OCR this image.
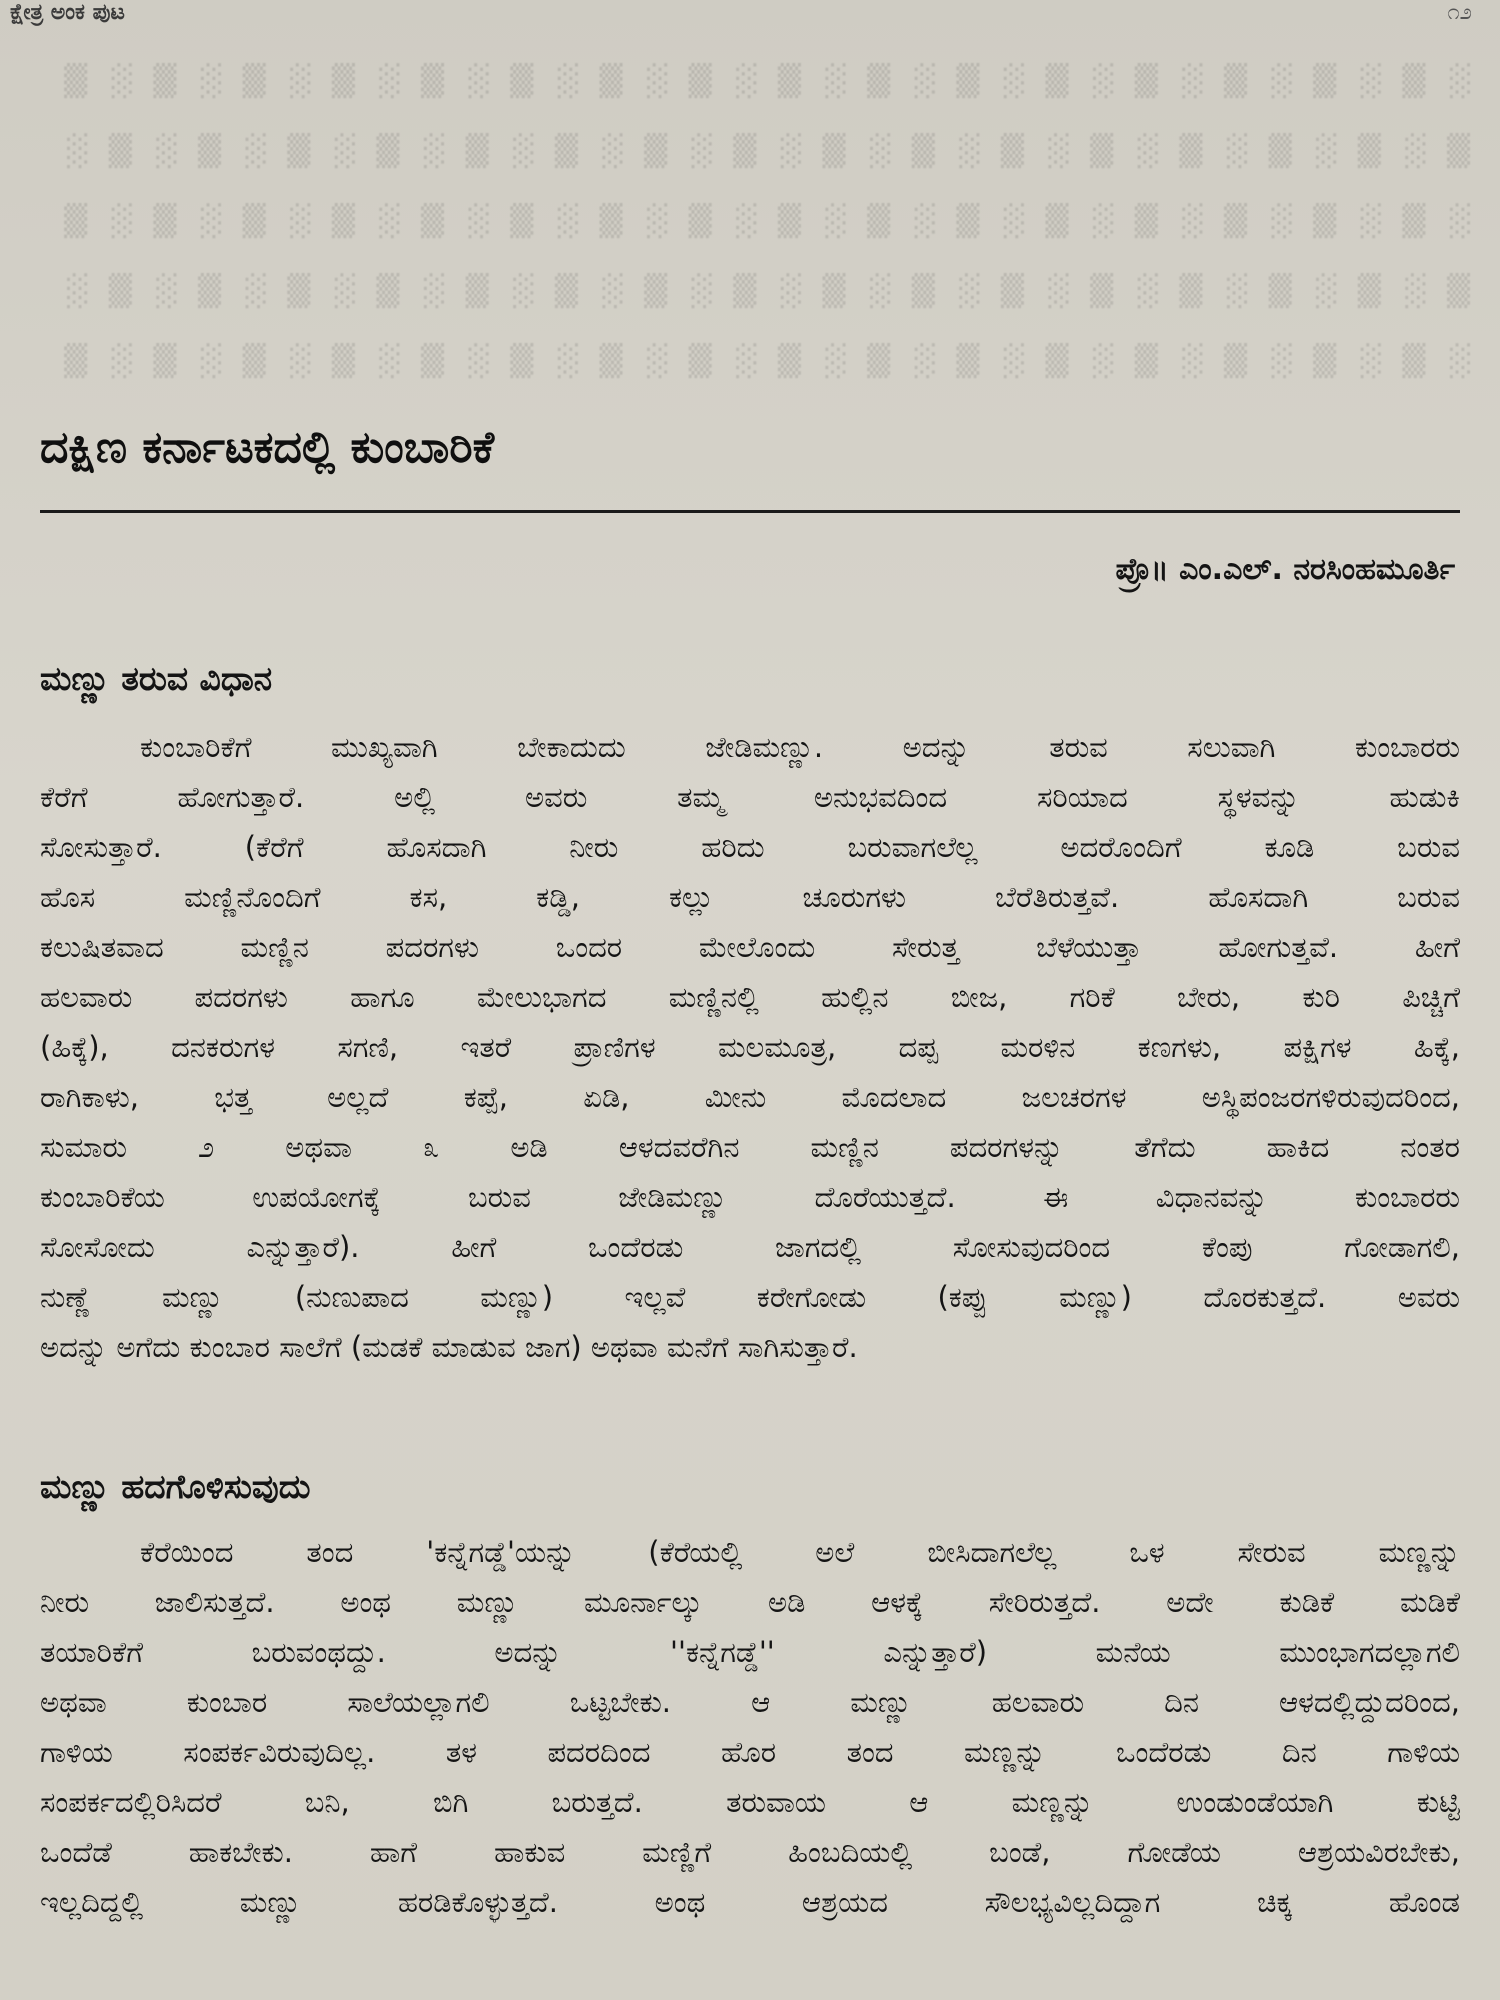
░ ▒ ░ ▒ ░ ▒ ░ ▒ ░ ▒ ░ ▒ ░ ▒ ░ ▒ ░ ▒ ░ ▒ ░ ▒ ░ ▒ ░ ▒ ░ ▒ ░ ▒ ░ ▒
▒ ░ ▒ ░ ▒ ░ ▒ ░ ▒ ░ ▒ ░ ▒ ░ ▒ ░ ▒ ░ ▒ ░ ▒ ░ ▒ ░ ▒ ░ ▒ ░ ▒ ░ ▒ ░
░ ▒ ░ ▒ ░ ▒ ░ ▒ ░ ▒ ░ ▒ ░ ▒ ░ ▒ ░ ▒ ░ ▒ ░ ▒ ░ ▒ ░ ▒ ░ ▒ ░ ▒ ░ ▒
▒ ░ ▒ ░ ▒ ░ ▒ ░ ▒ ░ ▒ ░ ▒ ░ ▒ ░ ▒ ░ ▒ ░ ▒ ░ ▒ ░ ▒ ░ ▒ ░ ▒ ░ ▒ ░
░ ▒ ░ ▒ ░ ▒ ░ ▒ ░ ▒ ░ ▒ ░ ▒ ░ ▒ ░ ▒ ░ ▒ ░ ▒ ░ ▒ ░ ▒ ░ ▒ ░ ▒ ░ ▒
ಕ್ಷೇತ್ರ ಅಂಕ ಪುಟ	೧೨
ದಕ್ಷಿಣ ಕರ್ನಾಟಕದಲ್ಲಿ ಕುಂಬಾರಿಕೆ
ಪ್ರೊ॥ ಎಂ.ಎಲ್. ನರಸಿಂಹಮೂರ್ತಿ
ಮಣ್ಣು ತರುವ ವಿಧಾನ
ಕುಂಬಾರಿಕೆಗೆ ಮುಖ್ಯವಾಗಿ ಬೇಕಾದುದು ಜೇಡಿಮಣ್ಣು. ಅದನ್ನು ತರುವ ಸಲುವಾಗಿ ಕುಂಬಾರರು
ಕೆರೆಗೆ ಹೋಗುತ್ತಾರೆ. ಅಲ್ಲಿ ಅವರು ತಮ್ಮ ಅನುಭವದಿಂದ ಸರಿಯಾದ ಸ್ಥಳವನ್ನು ಹುಡುಕಿ
ಸೋಸುತ್ತಾರೆ. (ಕೆರೆಗೆ ಹೊಸದಾಗಿ ನೀರು ಹರಿದು ಬರುವಾಗಲೆಲ್ಲ ಅದರೊಂದಿಗೆ ಕೂಡಿ ಬರುವ
ಹೊಸ ಮಣ್ಣಿನೊಂದಿಗೆ ಕಸ, ಕಡ್ಡಿ, ಕಲ್ಲು ಚೂರುಗಳು ಬೆರೆತಿರುತ್ತವೆ. ಹೊಸದಾಗಿ ಬರುವ
ಕಲುಷಿತವಾದ ಮಣ್ಣಿನ ಪದರಗಳು ಒಂದರ ಮೇಲೊಂದು ಸೇರುತ್ತ ಬೆಳೆಯುತ್ತಾ ಹೋಗುತ್ತವೆ. ಹೀಗೆ
ಹಲವಾರು ಪದರಗಳು ಹಾಗೂ ಮೇಲುಭಾಗದ ಮಣ್ಣಿನಲ್ಲಿ ಹುಲ್ಲಿನ ಬೀಜ, ಗರಿಕೆ ಬೇರು, ಕುರಿ ಪಿಚ್ಚಿಗೆ
(ಹಿಕ್ಕೆ), ದನಕರುಗಳ ಸಗಣಿ, ಇತರೆ ಪ್ರಾಣಿಗಳ ಮಲಮೂತ್ರ, ದಪ್ಪ ಮರಳಿನ ಕಣಗಳು, ಪಕ್ಷಿಗಳ ಹಿಕ್ಕೆ,
ರಾಗಿಕಾಳು, ಭತ್ತ ಅಲ್ಲದೆ ಕಪ್ಪೆ, ಏಡಿ, ಮೀನು ಮೊದಲಾದ ಜಲಚರಗಳ ಅಸ್ಥಿಪಂಜರಗಳಿರುವುದರಿಂದ,
ಸುಮಾರು ೨ ಅಥವಾ ೩ ಅಡಿ ಆಳದವರೆಗಿನ ಮಣ್ಣಿನ ಪದರಗಳನ್ನು ತೆಗೆದು ಹಾಕಿದ ನಂತರ
ಕುಂಬಾರಿಕೆಯ ಉಪಯೋಗಕ್ಕೆ ಬರುವ ಜೇಡಿಮಣ್ಣು ದೊರೆಯುತ್ತದೆ. ಈ ವಿಧಾನವನ್ನು ಕುಂಬಾರರು
ಸೋಸೋದು ಎನ್ನುತ್ತಾರೆ). ಹೀಗೆ ಒಂದೆರಡು ಜಾಗದಲ್ಲಿ ಸೋಸುವುದರಿಂದ ಕೆಂಪು ಗೋಡಾಗಲಿ,
ನುಣ್ಣೆ ಮಣ್ಣು (ನುಣುಪಾದ ಮಣ್ಣು) ಇಲ್ಲವೆ ಕರೇಗೋಡು (ಕಪ್ಪು ಮಣ್ಣು) ದೊರಕುತ್ತದೆ. ಅವರು
ಅದನ್ನು ಅಗೆದು ಕುಂಬಾರ ಸಾಲೆಗೆ (ಮಡಕೆ ಮಾಡುವ ಜಾಗ) ಅಥವಾ ಮನೆಗೆ ಸಾಗಿಸುತ್ತಾರೆ.
ಮಣ್ಣು ಹದಗೊಳಿಸುವುದು
ಕೆರೆಯಿಂದ ತಂದ 'ಕನ್ನೆಗಡ್ಡೆ'ಯನ್ನು (ಕೆರೆಯಲ್ಲಿ ಅಲೆ ಬೀಸಿದಾಗಲೆಲ್ಲ ಒಳ ಸೇರುವ ಮಣ್ಣನ್ನು
ನೀರು ಜಾಲಿಸುತ್ತದೆ. ಅಂಥ ಮಣ್ಣು ಮೂರ್ನಾಲ್ಕು ಅಡಿ ಆಳಕ್ಕೆ ಸೇರಿರುತ್ತದೆ. ಅದೇ ಕುಡಿಕೆ ಮಡಿಕೆ
ತಯಾರಿಕೆಗೆ ಬರುವಂಥದ್ದು. ಅದನ್ನು ''ಕನ್ನೆಗಡ್ಡೆ'' ಎನ್ನುತ್ತಾರೆ) ಮನೆಯ ಮುಂಭಾಗದಲ್ಲಾಗಲಿ
ಅಥವಾ ಕುಂಬಾರ ಸಾಲೆಯಲ್ಲಾಗಲಿ ಒಟ್ಟಬೇಕು. ಆ ಮಣ್ಣು ಹಲವಾರು ದಿನ ಆಳದಲ್ಲಿದ್ದುದರಿಂದ,
ಗಾಳಿಯ ಸಂಪರ್ಕವಿರುವುದಿಲ್ಲ. ತಳ ಪದರದಿಂದ ಹೊರ ತಂದ ಮಣ್ಣನ್ನು ಒಂದೆರಡು ದಿನ ಗಾಳಿಯ
ಸಂಪರ್ಕದಲ್ಲಿರಿಸಿದರೆ ಬನಿ, ಬಿಗಿ ಬರುತ್ತದೆ. ತರುವಾಯ ಆ ಮಣ್ಣನ್ನು ಉಂಡುಂಡೆಯಾಗಿ ಕುಟ್ಟಿ
ಒಂದೆಡೆ ಹಾಕಬೇಕು. ಹಾಗೆ ಹಾಕುವ ಮಣ್ಣಿಗೆ ಹಿಂಬದಿಯಲ್ಲಿ ಬಂಡೆ, ಗೋಡೆಯ ಆಶ್ರಯವಿರಬೇಕು,
ಇಲ್ಲದಿದ್ದಲ್ಲಿ ಮಣ್ಣು ಹರಡಿಕೊಳ್ಳುತ್ತದೆ. ಅಂಥ ಆಶ್ರಯದ ಸೌಲಭ್ಯವಿಲ್ಲದಿದ್ದಾಗ ಚಿಕ್ಕ ಹೊಂಡ
